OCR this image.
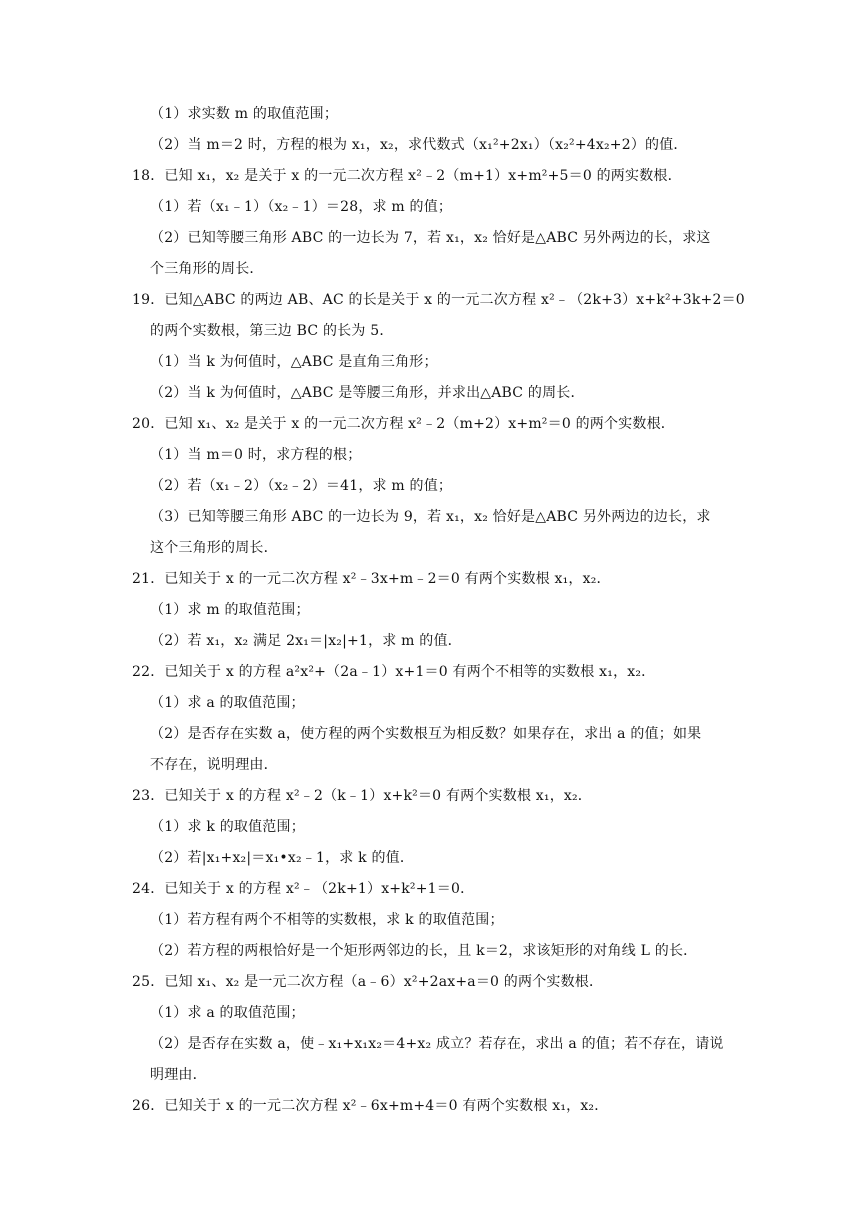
（1）求实数 m 的取值范围；
（2）当 m＝2 时，方程的根为 x₁，x₂，求代数式（x₁²+2x₁）（x₂²+4x₂+2）的值．
18．已知 x₁，x₂ 是关于 x 的一元二次方程 x²﹣2（m+1）x+m²+5＝0 的两实数根．
（1）若（x₁﹣1）（x₂﹣1）＝28，求 m 的值；
（2）已知等腰三角形 ABC 的一边长为 7，若 x₁，x₂ 恰好是△ABC 另外两边的长，求这
个三角形的周长．
19．已知△ABC 的两边 AB、AC 的长是关于 x 的一元二次方程 x²﹣（2k+3）x+k²+3k+2＝0
的两个实数根，第三边 BC 的长为 5．
（1）当 k 为何值时，△ABC 是直角三角形；
（2）当 k 为何值时，△ABC 是等腰三角形，并求出△ABC 的周长．
20．已知 x₁、x₂ 是关于 x 的一元二次方程 x²﹣2（m+2）x+m²＝0 的两个实数根．
（1）当 m＝0 时，求方程的根；
（2）若（x₁﹣2）（x₂﹣2）＝41，求 m 的值；
（3）已知等腰三角形 ABC 的一边长为 9，若 x₁，x₂ 恰好是△ABC 另外两边的边长，求
这个三角形的周长．
21．已知关于 x 的一元二次方程 x²﹣3x+m﹣2＝0 有两个实数根 x₁，x₂．
（1）求 m 的取值范围；
（2）若 x₁，x₂ 满足 2x₁＝|x₂|+1，求 m 的值．
22．已知关于 x 的方程 a²x²+（2a﹣1）x+1＝0 有两个不相等的实数根 x₁，x₂．
（1）求 a 的取值范围；
（2）是否存在实数 a，使方程的两个实数根互为相反数？如果存在，求出 a 的值；如果
不存在，说明理由．
23．已知关于 x 的方程 x²﹣2（k﹣1）x+k²＝0 有两个实数根 x₁，x₂．
（1）求 k 的取值范围；
（2）若|x₁+x₂|＝x₁•x₂﹣1，求 k 的值．
24．已知关于 x 的方程 x²﹣（2k+1）x+k²+1＝0．
（1）若方程有两个不相等的实数根，求 k 的取值范围；
（2）若方程的两根恰好是一个矩形两邻边的长，且 k＝2，求该矩形的对角线 L 的长．
25．已知 x₁、x₂ 是一元二次方程（a﹣6）x²+2ax+a＝0 的两个实数根．
（1）求 a 的取值范围；
（2）是否存在实数 a，使﹣x₁+x₁x₂＝4+x₂ 成立？若存在，求出 a 的值；若不存在，请说
明理由．
26．已知关于 x 的一元二次方程 x²﹣6x+m+4＝0 有两个实数根 x₁，x₂．
